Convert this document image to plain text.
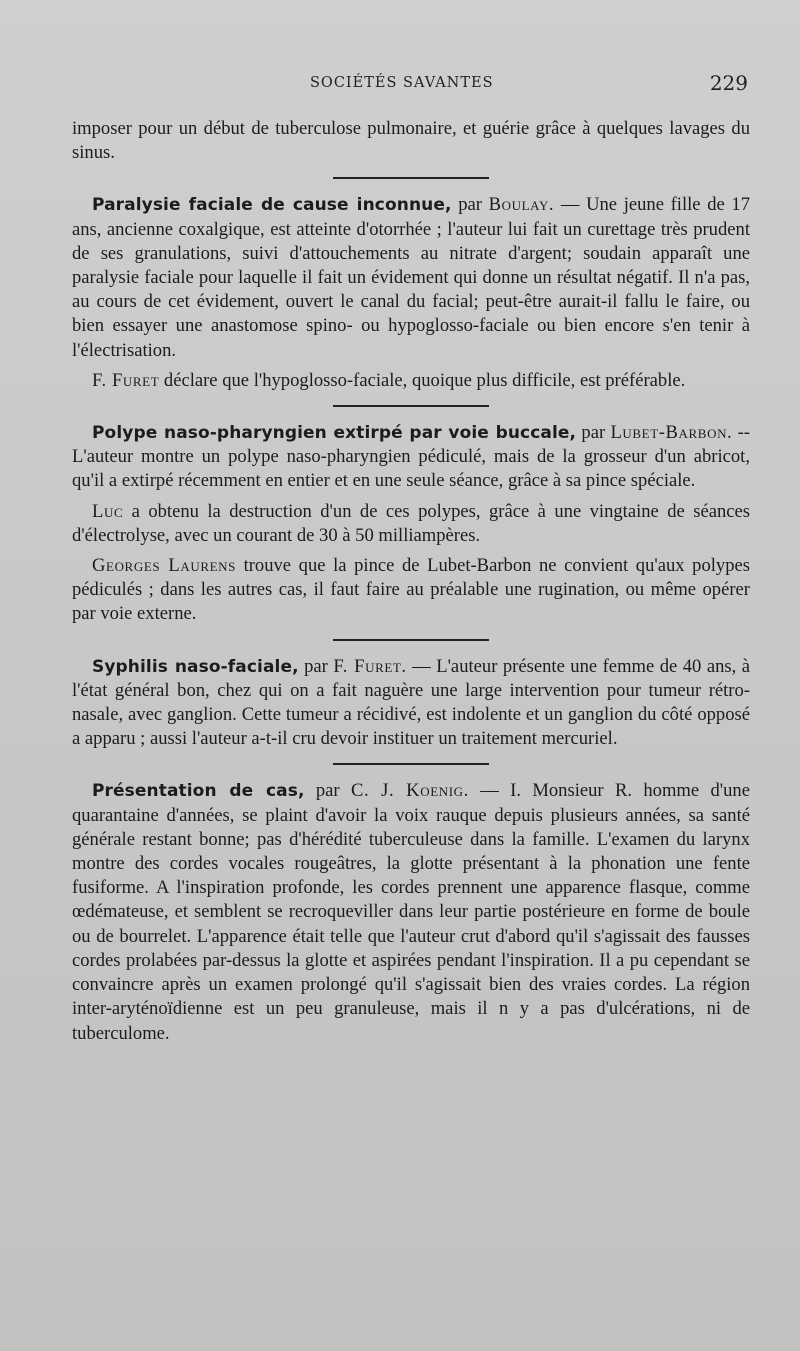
SOCIÉTÉS SAVANTES	229

imposer pour un début de tuberculose pulmonaire, et guérie grâce à quelques lavages du sinus.

Paralysie faciale de cause inconnue, par Boulay. — Une jeune fille de 17 ans, ancienne coxalgique, est atteinte d'otorrhée ; l'auteur lui fait un curettage très prudent de ses granulations, suivi d'attouchements au nitrate d'argent; soudain apparaît une paralysie faciale pour laquelle il fait un évidement qui donne un résultat négatif. Il n'a pas, au cours de cet évidement, ouvert le canal du facial; peut-être aurait-il fallu le faire, ou bien essayer une anastomose spino- ou hypoglosso-faciale ou bien encore s'en tenir à l'électrisation.

F. Furet déclare que l'hypoglosso-faciale, quoique plus difficile, est préférable.

Polype naso-pharyngien extirpé par voie buccale, par Lubet-Barbon. -- L'auteur montre un polype naso-pharyngien pédiculé, mais de la grosseur d'un abricot, qu'il a extirpé récemment en entier et en une seule séance, grâce à sa pince spéciale.

Luc a obtenu la destruction d'un de ces polypes, grâce à une vingtaine de séances d'électrolyse, avec un courant de 30 à 50 milliampères.

Georges Laurens trouve que la pince de Lubet-Barbon ne convient qu'aux polypes pédiculés ; dans les autres cas, il faut faire au préalable une rugination, ou même opérer par voie externe.

Syphilis naso-faciale, par F. Furet. — L'auteur présente une femme de 40 ans, à l'état général bon, chez qui on a fait naguère une large intervention pour tumeur rétro-nasale, avec ganglion. Cette tumeur a récidivé, est indolente et un ganglion du côté opposé a apparu ; aussi l'auteur a-t-il cru devoir instituer un traitement mercuriel.

Présentation de cas, par C. J. Koenig. — I. Monsieur R. homme d'une quarantaine d'années, se plaint d'avoir la voix rauque depuis plusieurs années, sa santé générale restant bonne; pas d'hérédité tuberculeuse dans la famille. L'examen du larynx montre des cordes vocales rougeâtres, la glotte présentant à la phonation une fente fusiforme. A l'inspiration profonde, les cordes prennent une apparence flasque, comme œdémateuse, et semblent se recroqueviller dans leur partie postérieure en forme de boule ou de bourrelet. L'apparence était telle que l'auteur crut d'abord qu'il s'agissait des fausses cordes prolabées par-dessus la glotte et aspirées pendant l'inspiration. Il a pu cependant se convaincre après un examen prolongé qu'il s'agissait bien des vraies cordes. La région inter-aryténoïdienne est un peu granuleuse, mais il n y a pas d'ulcérations, ni de tuberculome.
